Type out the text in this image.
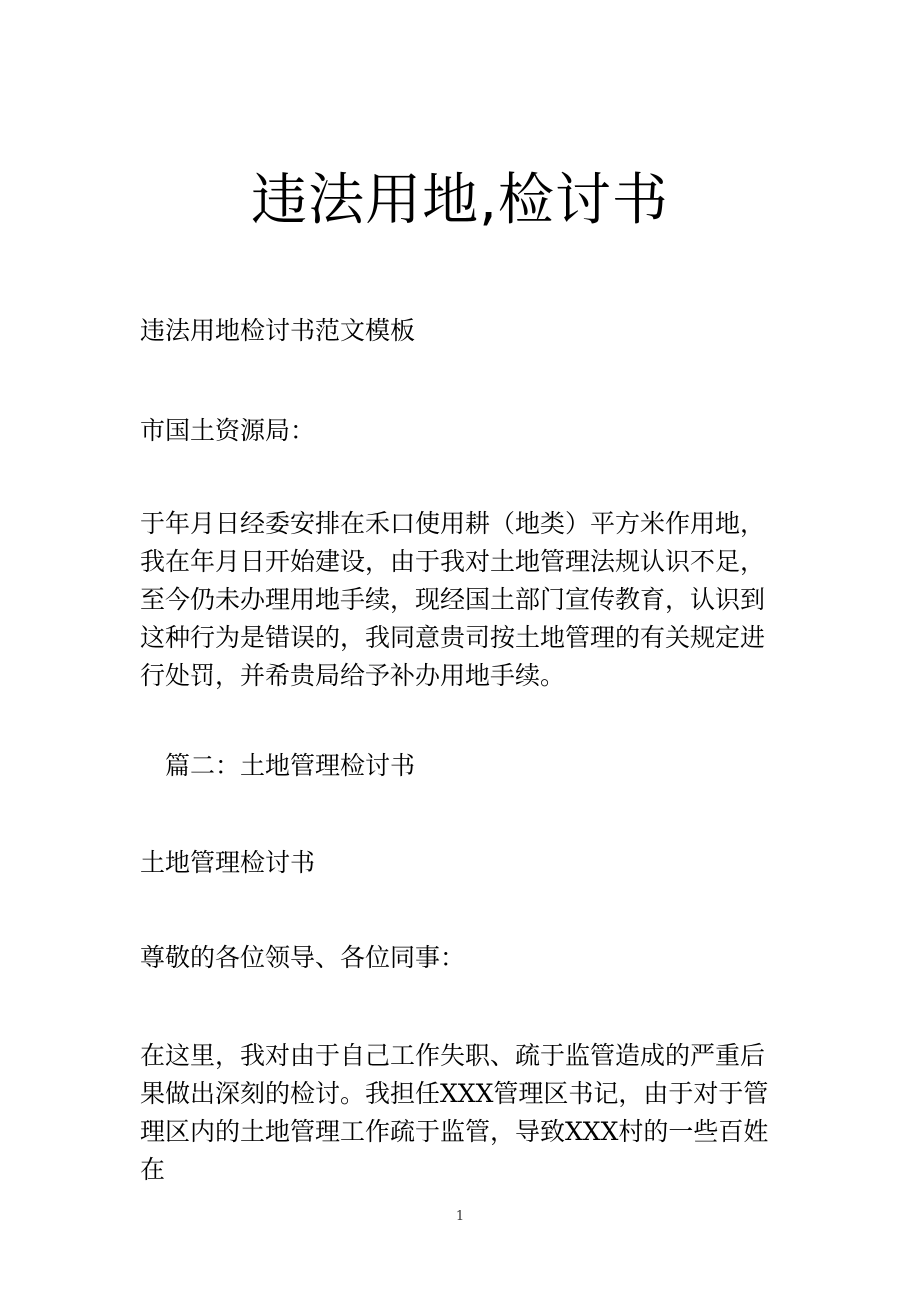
违法用地,检讨书

违法用地检讨书范文模板

市国土资源局：

于年月日经委安排在禾口使用耕（地类）平方米作用地，我在年月日开始建设，由于我对土地管理法规认识不足，至今仍未办理用地手续，现经国土部门宣传教育，认识到这种行为是错误的，我同意贵司按土地管理的有关规定进行处罚，并希贵局给予补办用地手续。

篇二：土地管理检讨书

土地管理检讨书

尊敬的各位领导、各位同事：

在这里，我对由于自己工作失职、疏于监管造成的严重后果做出深刻的检讨。我担任XXX管理区书记，由于对于管理区内的土地管理工作疏于监管，导致XXX村的一些百姓在

1
